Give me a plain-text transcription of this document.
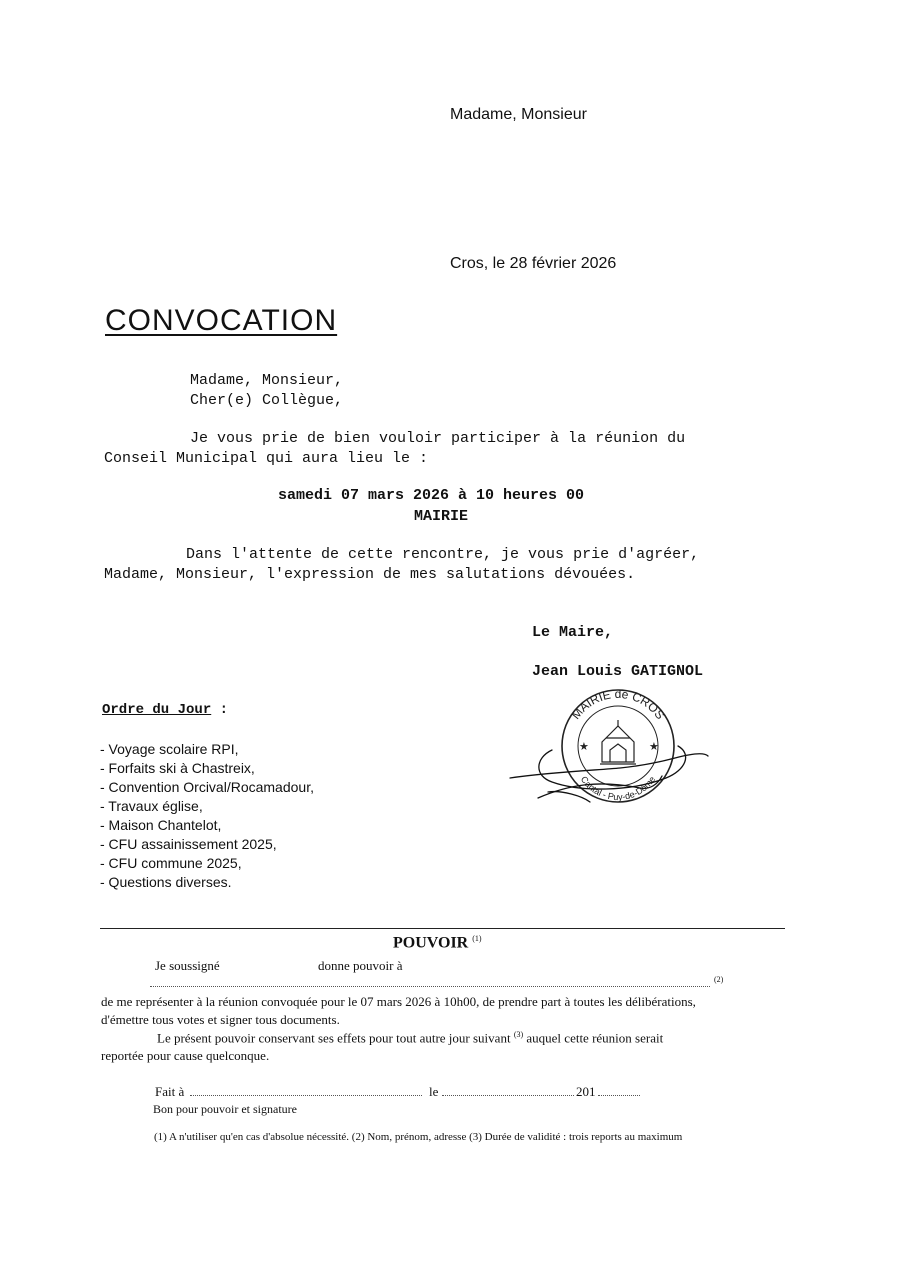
Madame, Monsieur
Cros, le 28 février 2026
CONVOCATION
Madame, Monsieur,
Cher(e) Collègue,
Je vous prie de bien vouloir participer à la réunion du
Conseil Municipal qui aura lieu le :
samedi 07 mars 2026 à 10 heures 00
MAIRIE
Dans l'attente de cette rencontre, je vous prie d'agréer,
Madame, Monsieur, l'expression de mes salutations dévouées.
Le Maire,
Jean Louis GATIGNOL
Ordre du Jour :
- Voyage scolaire RPI,
- Forfaits ski à Chastreix,
- Convention Orcival/Rocamadour,
- Travaux église,
- Maison Chantelot,
- CFU assainissement 2025,
- CFU commune 2025,
- Questions diverses.
MAIRIE de CROS
Cantal - Puy-de-Dôme
★	★
POUVOIR $^{(1)}$
Je soussigné	donne pouvoir à
(2)
de me représenter à la réunion convoquée pour le 07 mars 2026 à 10h00, de prendre part à toutes les délibérations,
d'émettre tous votes et signer tous documents.
Le présent pouvoir conservant ses effets pour tout autre jour suivant $^{(3)}$ auquel cette réunion serait
reportée pour cause quelconque.
Fait à	le	201
Bon pour pouvoir et signature
(1) A n'utiliser qu'en cas d'absolue nécessité. (2) Nom, prénom, adresse (3) Durée de validité : trois reports au maximum
